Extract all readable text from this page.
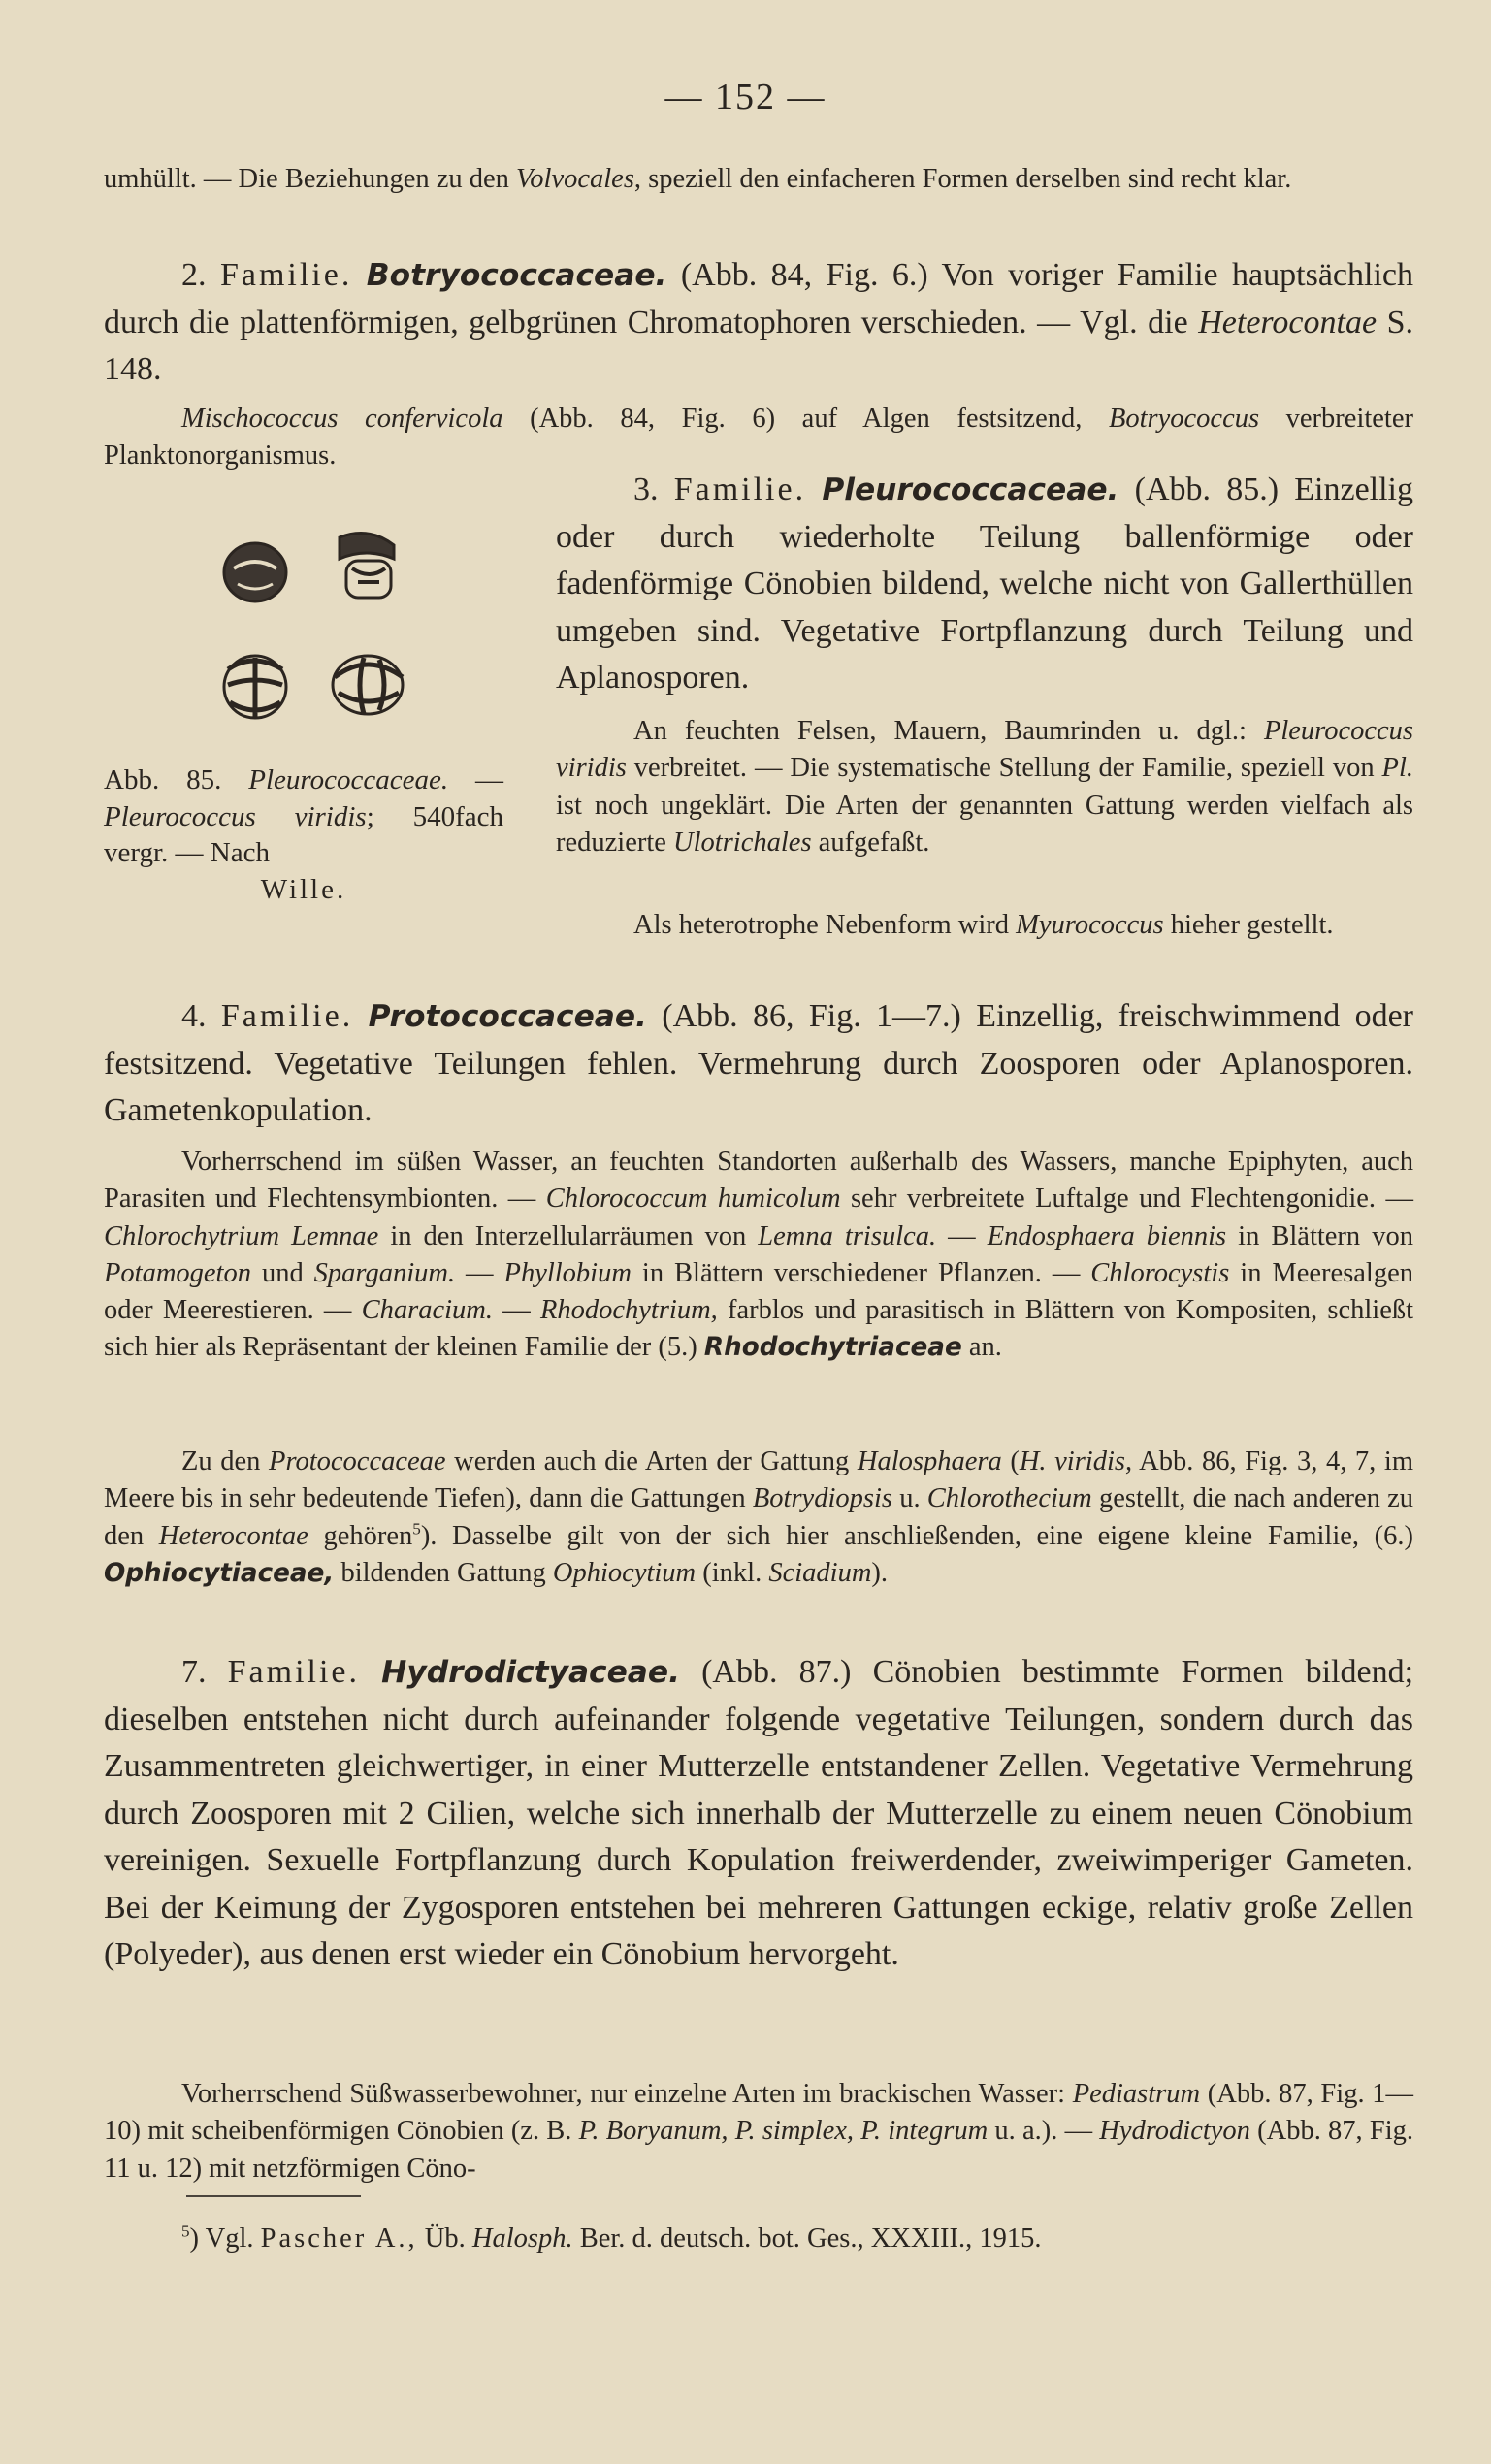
— 152 —

umhüllt. — Die Beziehungen zu den Volvocales, speziell den einfacheren Formen derselben sind recht klar.

2. Familie. Botryococcaceae. (Abb. 84, Fig. 6.) Von voriger Familie hauptsächlich durch die plattenförmigen, gelbgrünen Chromatophoren verschieden. — Vgl. die Heterocontae S. 148.

Mischococcus confervicola (Abb. 84, Fig. 6) auf Algen festsitzend, Botryococcus verbreiteter Planktonorganismus.

Abb. 85. Pleurococcaceae. — Pleurococcus viridis; 540fach vergr. — Nach
Wille.

3. Familie. Pleurococcaceae. (Abb. 85.) Einzellig oder durch wiederholte Teilung ballenförmige oder fadenförmige Cönobien bildend, welche nicht von Gallerthüllen umgeben sind. Vegetative Fortpflanzung durch Teilung und Aplanosporen.

An feuchten Felsen, Mauern, Baumrinden u. dgl.: Pleurococcus viridis verbreitet. — Die systematische Stellung der Familie, speziell von Pl. ist noch ungeklärt. Die Arten der genannten Gattung werden vielfach als reduzierte Ulotrichales aufgefaßt.

Als heterotrophe Nebenform wird Myurococcus hieher gestellt.

4. Familie. Protococcaceae. (Abb. 86, Fig. 1—7.) Einzellig, freischwimmend oder festsitzend. Vegetative Teilungen fehlen. Vermehrung durch Zoosporen oder Aplanosporen. Gametenkopulation.

Vorherrschend im süßen Wasser, an feuchten Standorten außerhalb des Wassers, manche Epiphyten, auch Parasiten und Flechtensymbionten. — Chlorococcum humicolum sehr verbreitete Luftalge und Flechtengonidie. — Chlorochytrium Lemnae in den Interzellularräumen von Lemna trisulca. — Endosphaera biennis in Blättern von Potamogeton und Sparganium. — Phyllobium in Blättern verschiedener Pflanzen. — Chlorocystis in Meeresalgen oder Meerestieren. — Characium. — Rhodochytrium, farblos und parasitisch in Blättern von Kompositen, schließt sich hier als Repräsentant der kleinen Familie der (5.) Rhodochytriaceae an.

Zu den Protococcaceae werden auch die Arten der Gattung Halosphaera (H. viridis, Abb. 86, Fig. 3, 4, 7, im Meere bis in sehr bedeutende Tiefen), dann die Gattungen Botrydiopsis u. Chlorothecium gestellt, die nach anderen zu den Heterocontae gehören$^5$). Dasselbe gilt von der sich hier anschließenden, eine eigene kleine Familie, (6.) Ophiocytiaceae, bildenden Gattung Ophiocytium (inkl. Sciadium).

7. Familie. Hydrodictyaceae. (Abb. 87.) Cönobien bestimmte Formen bildend; dieselben entstehen nicht durch aufeinander folgende vegetative Teilungen, sondern durch das Zusammentreten gleichwertiger, in einer Mutterzelle entstandener Zellen. Vegetative Vermehrung durch Zoosporen mit 2 Cilien, welche sich innerhalb der Mutterzelle zu einem neuen Cönobium vereinigen. Sexuelle Fortpflanzung durch Kopulation freiwerdender, zweiwimperiger Gameten. Bei der Keimung der Zygosporen entstehen bei mehreren Gattungen eckige, relativ große Zellen (Polyeder), aus denen erst wieder ein Cönobium hervorgeht.

Vorherrschend Süßwasserbewohner, nur einzelne Arten im brackischen Wasser: Pediastrum (Abb. 87, Fig. 1—10) mit scheibenförmigen Cönobien (z. B. P. Boryanum, P. simplex, P. integrum u. a.). — Hydrodictyon (Abb. 87, Fig. 11 u. 12) mit netzförmigen Cöno-

$^5$) Vgl. Pascher A., Üb. Halosph. Ber. d. deutsch. bot. Ges., XXXIII., 1915.
